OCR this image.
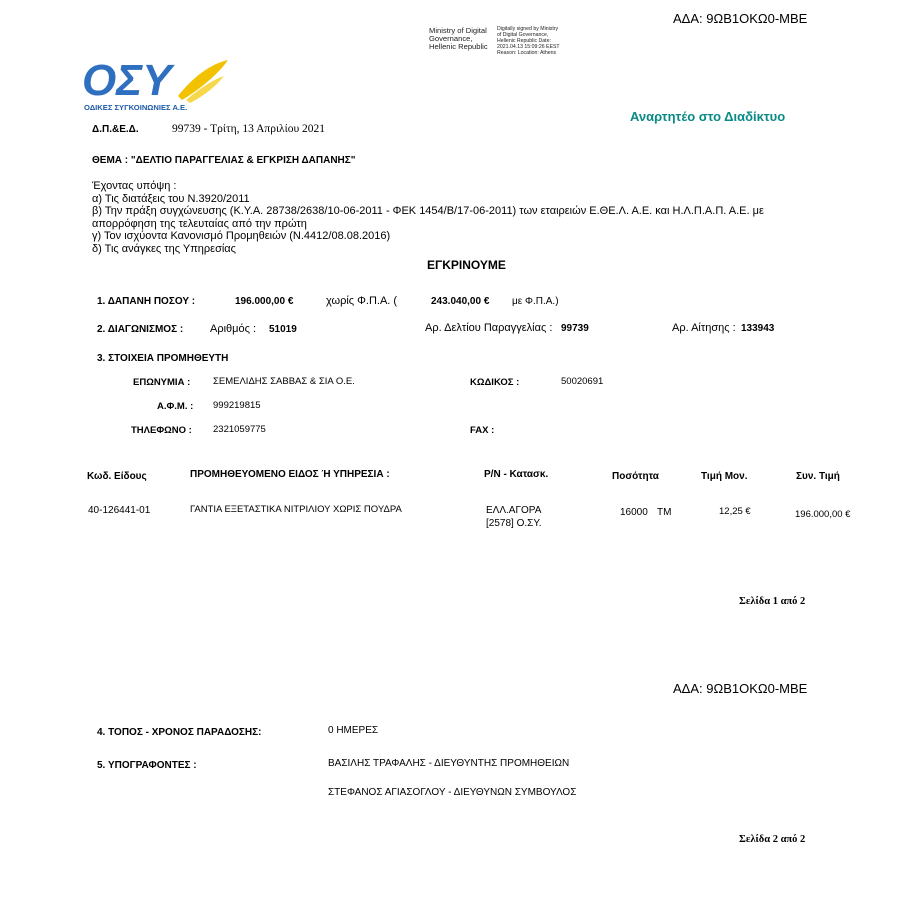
ΑΔΑ: 9ΩΒ1ΟΚΩ0-ΜΒΕ
Ministry of Digital
Governance,
Hellenic Republic
Digitally signed by Ministry of Digital Governance, Hellenic Republic Date: 2021.04.13 15:09:26 EEST Reason: Location: Athens
ΟΣΥ
ΟΔΙΚΕΣ ΣΥΓΚΟΙΝΩΝΙΕΣ Α.Ε.
Αναρτητέο στο Διαδίκτυο
Δ.Π.&Ε.Δ.	99739 - Τρίτη, 13 Απριλίου 2021
ΘΕΜΑ : "ΔΕΛΤΙΟ ΠΑΡΑΓΓΕΛΙΑΣ & ΕΓΚΡΙΣΗ ΔΑΠΑΝΗΣ"
Έχοντας υπόψη :
α) Τις διατάξεις του Ν.3920/2011
β) Την πράξη συγχώνευσης (Κ.Υ.Α. 28738/2638/10-06-2011 - ΦΕΚ 1454/Β/17-06-2011) των εταιρειών Ε.ΘΕ.Λ. Α.Ε. και Η.Λ.Π.Α.Π. Α.Ε. με
απορρόφηση της τελευταίας από την πρώτη
γ) Τον ισχύοντα Κανονισμό Προμηθειών (Ν.4412/08.08.2016)
δ) Τις ανάγκες της Υπηρεσίας
ΕΓΚΡΙΝΟΥΜΕ
1. ΔΑΠΑΝΗ ΠΟΣΟΥ :	196.000,00 €	χωρίς Φ.Π.Α. (	243.040,00 € με Φ.Π.Α.)
2. ΔΙΑΓΩΝΙΣΜΟΣ : Αριθμός : 51019	Αρ. Δελτίου Παραγγελίας : 99739	Αρ. Αίτησης : 133943
3. ΣΤΟΙΧΕΙΑ ΠΡΟΜΗΘΕΥΤΗ
ΕΠΩΝΥΜΙΑ : ΣΕΜΕΛΙΔΗΣ ΣΑΒΒΑΣ & ΣΙΑ Ο.Ε.	ΚΩΔΙΚΟΣ :	50020691
Α.Φ.Μ. : 999219815
ΤΗΛΕΦΩΝΟ : 2321059775	FAX :
Κωδ. Είδους	ΠΡΟΜΗΘΕΥΟΜΕΝΟ ΕΙΔΟΣ Ή ΥΠΗΡΕΣΙΑ :	P/N - Κατασκ.	Ποσότητα	Τιμή Μον.	Συν. Τιμή
40-126441-01	ΓΑΝΤΙΑ ΕΞΕΤΑΣΤΙΚΑ ΝΙΤΡΙΛΙΟΥ ΧΩΡΙΣ ΠΟΥΔΡΑ	ΕΛΛ.ΑΓΟΡΑ
[2578] Ο.ΣΥ.
16000 ΤΜ	12,25 €	196.000,00 €
Σελίδα 1 από 2
ΑΔΑ: 9ΩΒ1ΟΚΩ0-ΜΒΕ
4. ΤΟΠΟΣ - ΧΡΟΝΟΣ ΠΑΡΑΔΟΣΗΣ:	0 ΗΜΕΡΕΣ
5. ΥΠΟΓΡΑΦΟΝΤΕΣ :	ΒΑΣΙΛΗΣ ΤΡΑΦΑΛΗΣ - ΔΙΕΥΘΥΝΤΗΣ ΠΡΟΜΗΘΕΙΩΝ
ΣΤΕΦΑΝΟΣ ΑΓΙΑΣΟΓΛΟΥ - ΔΙΕΥΘΥΝΩΝ ΣΥΜΒΟΥΛΟΣ
Σελίδα 2 από 2
